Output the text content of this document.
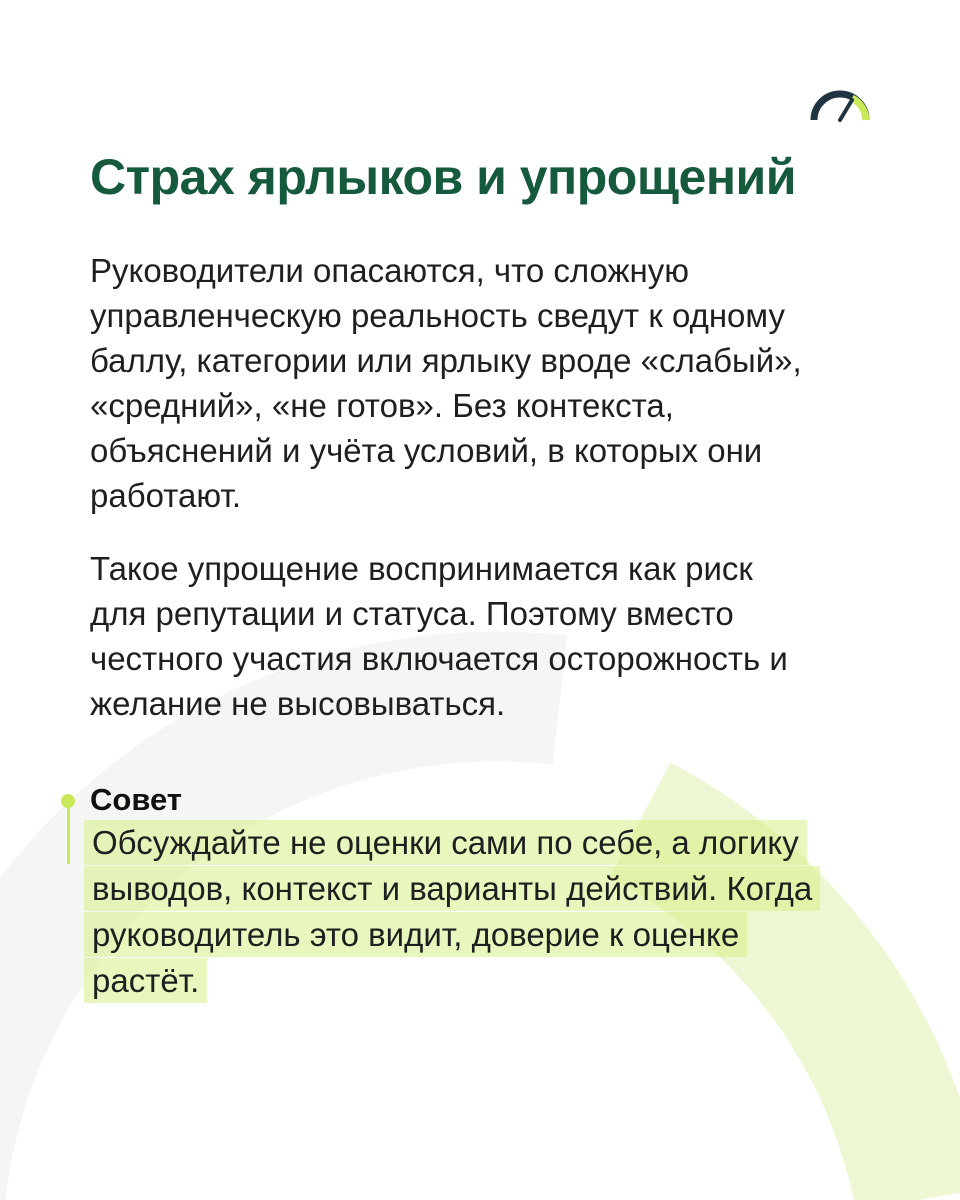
Страх ярлыков и упрощений

Руководители опасаются, что сложную
управленческую реальность сведут к одному
баллу, категории или ярлыку вроде «слабый»,
«средний», «не готов». Без контекста,
объяснений и учёта условий, в которых они
работают.

Такое упрощение воспринимается как риск
для репутации и статуса. Поэтому вместо
честного участия включается осторожность и
желание не высовываться.

Совет
Обсуждайте не оценки сами по себе, а логику
выводов, контекст и варианты действий. Когда
руководитель это видит, доверие к оценке
растёт.
